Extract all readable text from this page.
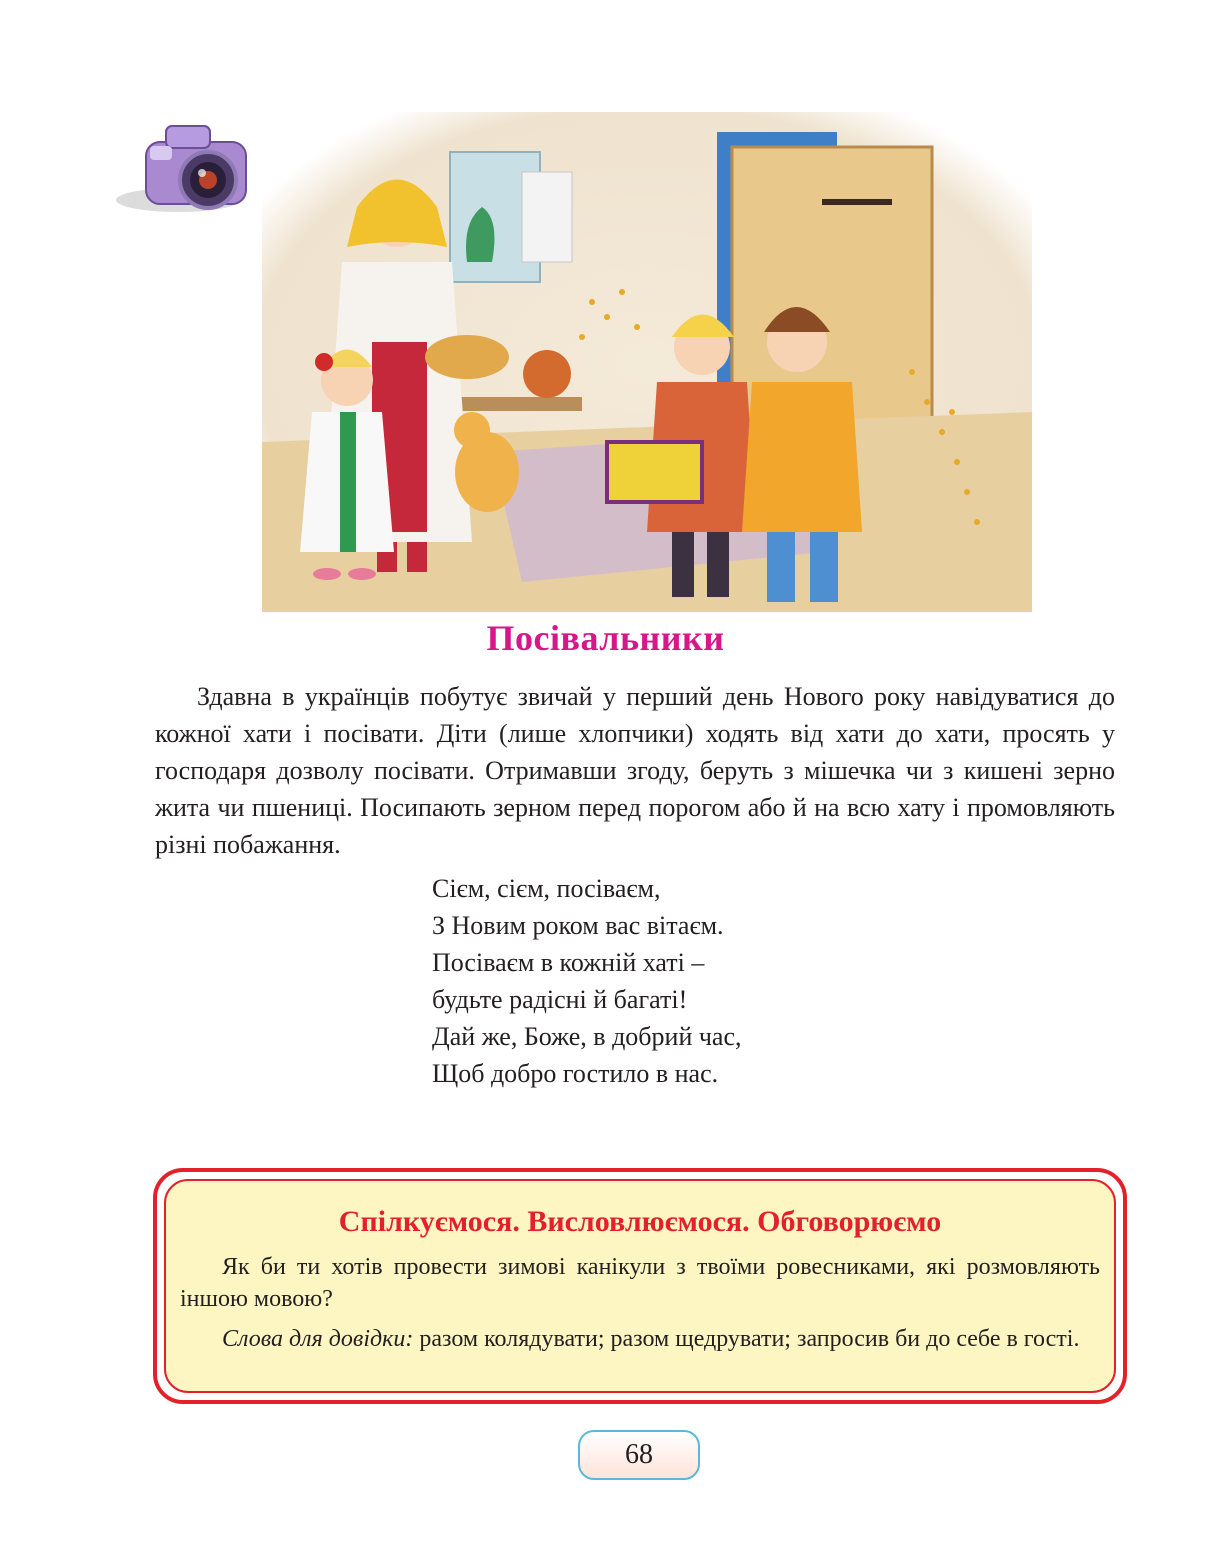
Посівальники

Здавна в українців побутує звичай у перший день Нового року навідуватися до кожної хати і посівати. Діти (лише хлопчики) ходять від хати до хати, просять у господаря дозволу посівати. Отримавши згоду, беруть з мішечка чи з кишені зерно жита чи пшениці. Посипають зерном перед порогом або й на всю хату і промовляють різні побажання.

Сієм, сієм, посіваєм,
З Новим роком вас вітаєм.
Посіваєм в кожній хаті –
будьте радісні й багаті!
Дай же, Боже, в добрий час,
Щоб добро гостило в нас.
Спілкуємося. Висловлюємося. Обговорюємо

Як би ти хотів провести зимові канікули з твоїми ровесниками, які розмовляють іншою мовою?

Слова для довідки: разом колядувати; разом щедрувати; запросив би до себе в гості.

68
